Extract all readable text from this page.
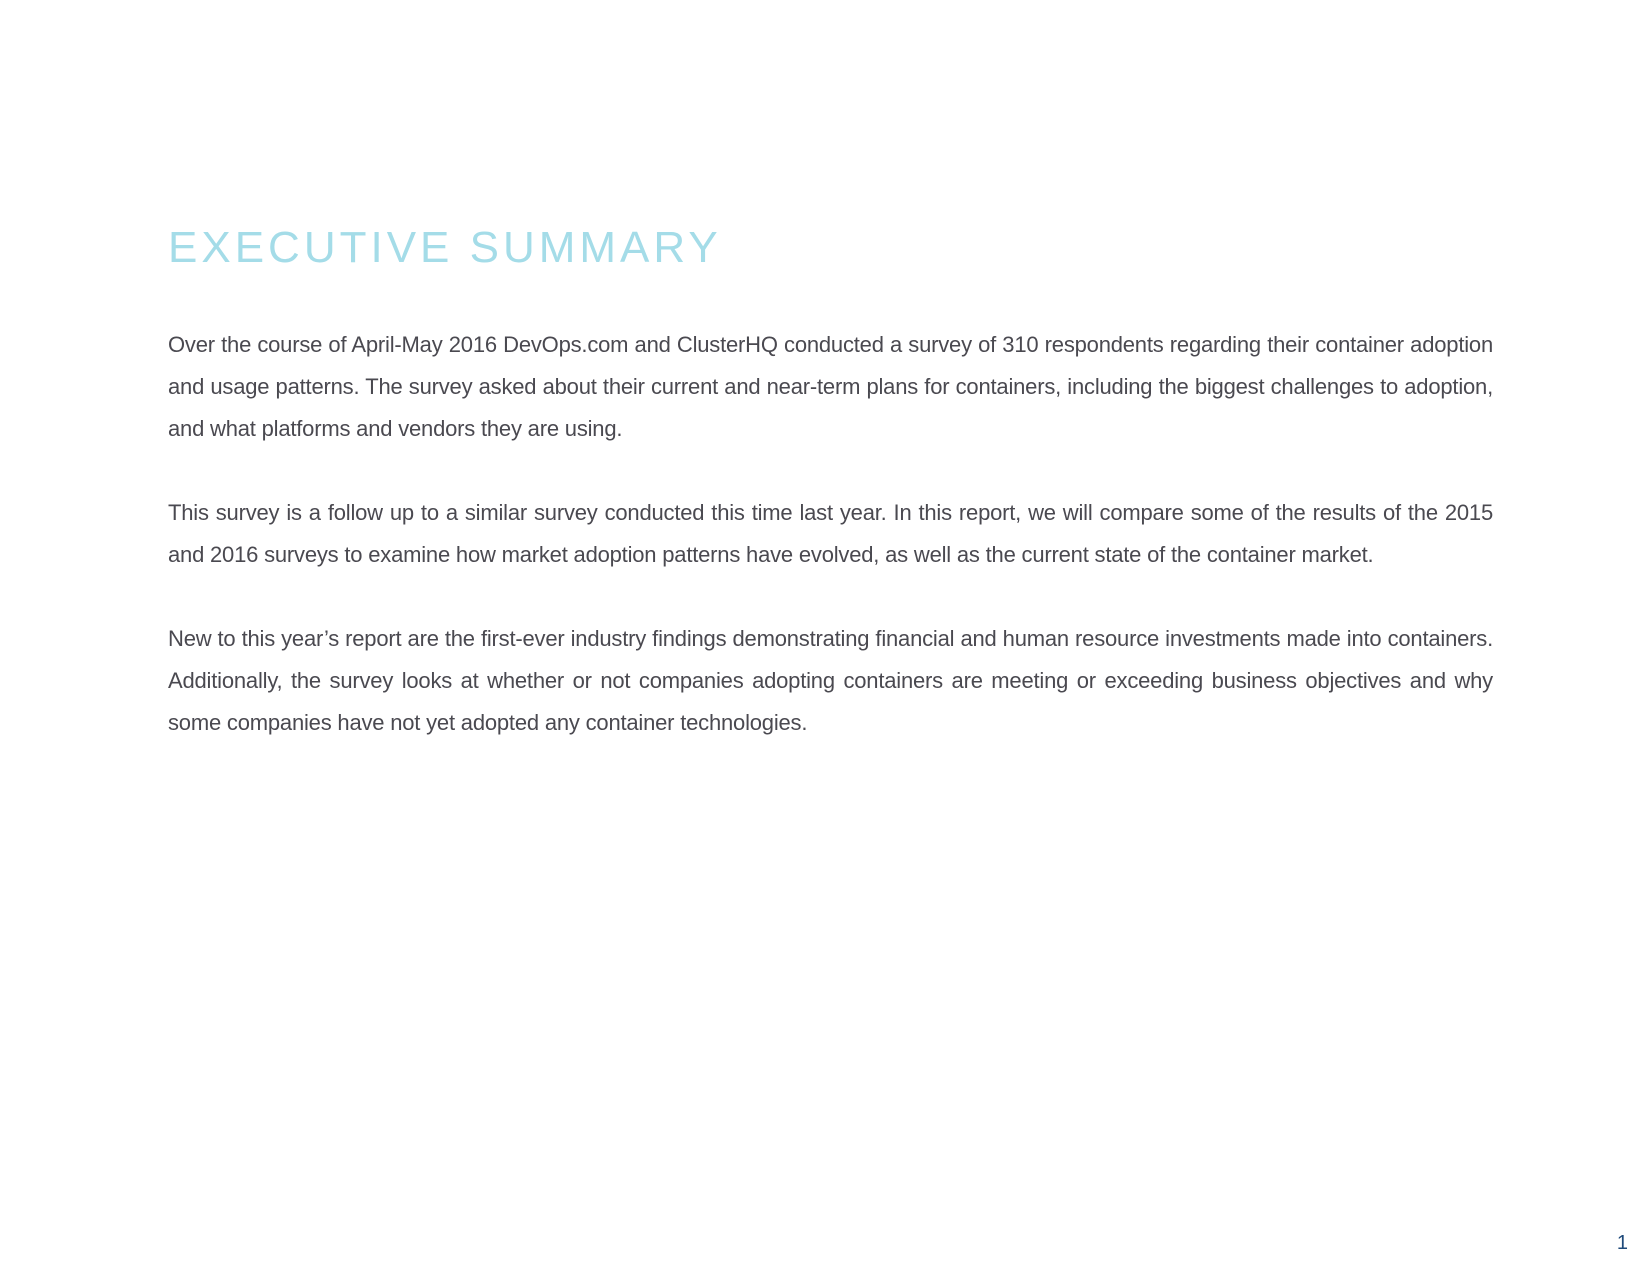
EXECUTIVE SUMMARY

Over the course of April-May 2016 DevOps.com and ClusterHQ conducted a survey of 310 respondents regarding their container adoption and usage patterns. The survey asked about their current and near-term plans for containers, including the biggest challenges to adoption, and what platforms and vendors they are using.

This survey is a follow up to a similar survey conducted this time last year. In this report, we will compare some of the results of the 2015 and 2016 surveys to examine how market adoption patterns have evolved, as well as the current state of the container market.

New to this year’s report are the first-ever industry findings demonstrating financial and human resource investments made into containers. Additionally, the survey looks at whether or not companies adopting containers are meeting or exceeding business objectives and why some companies have not yet adopted any container technologies.

1
